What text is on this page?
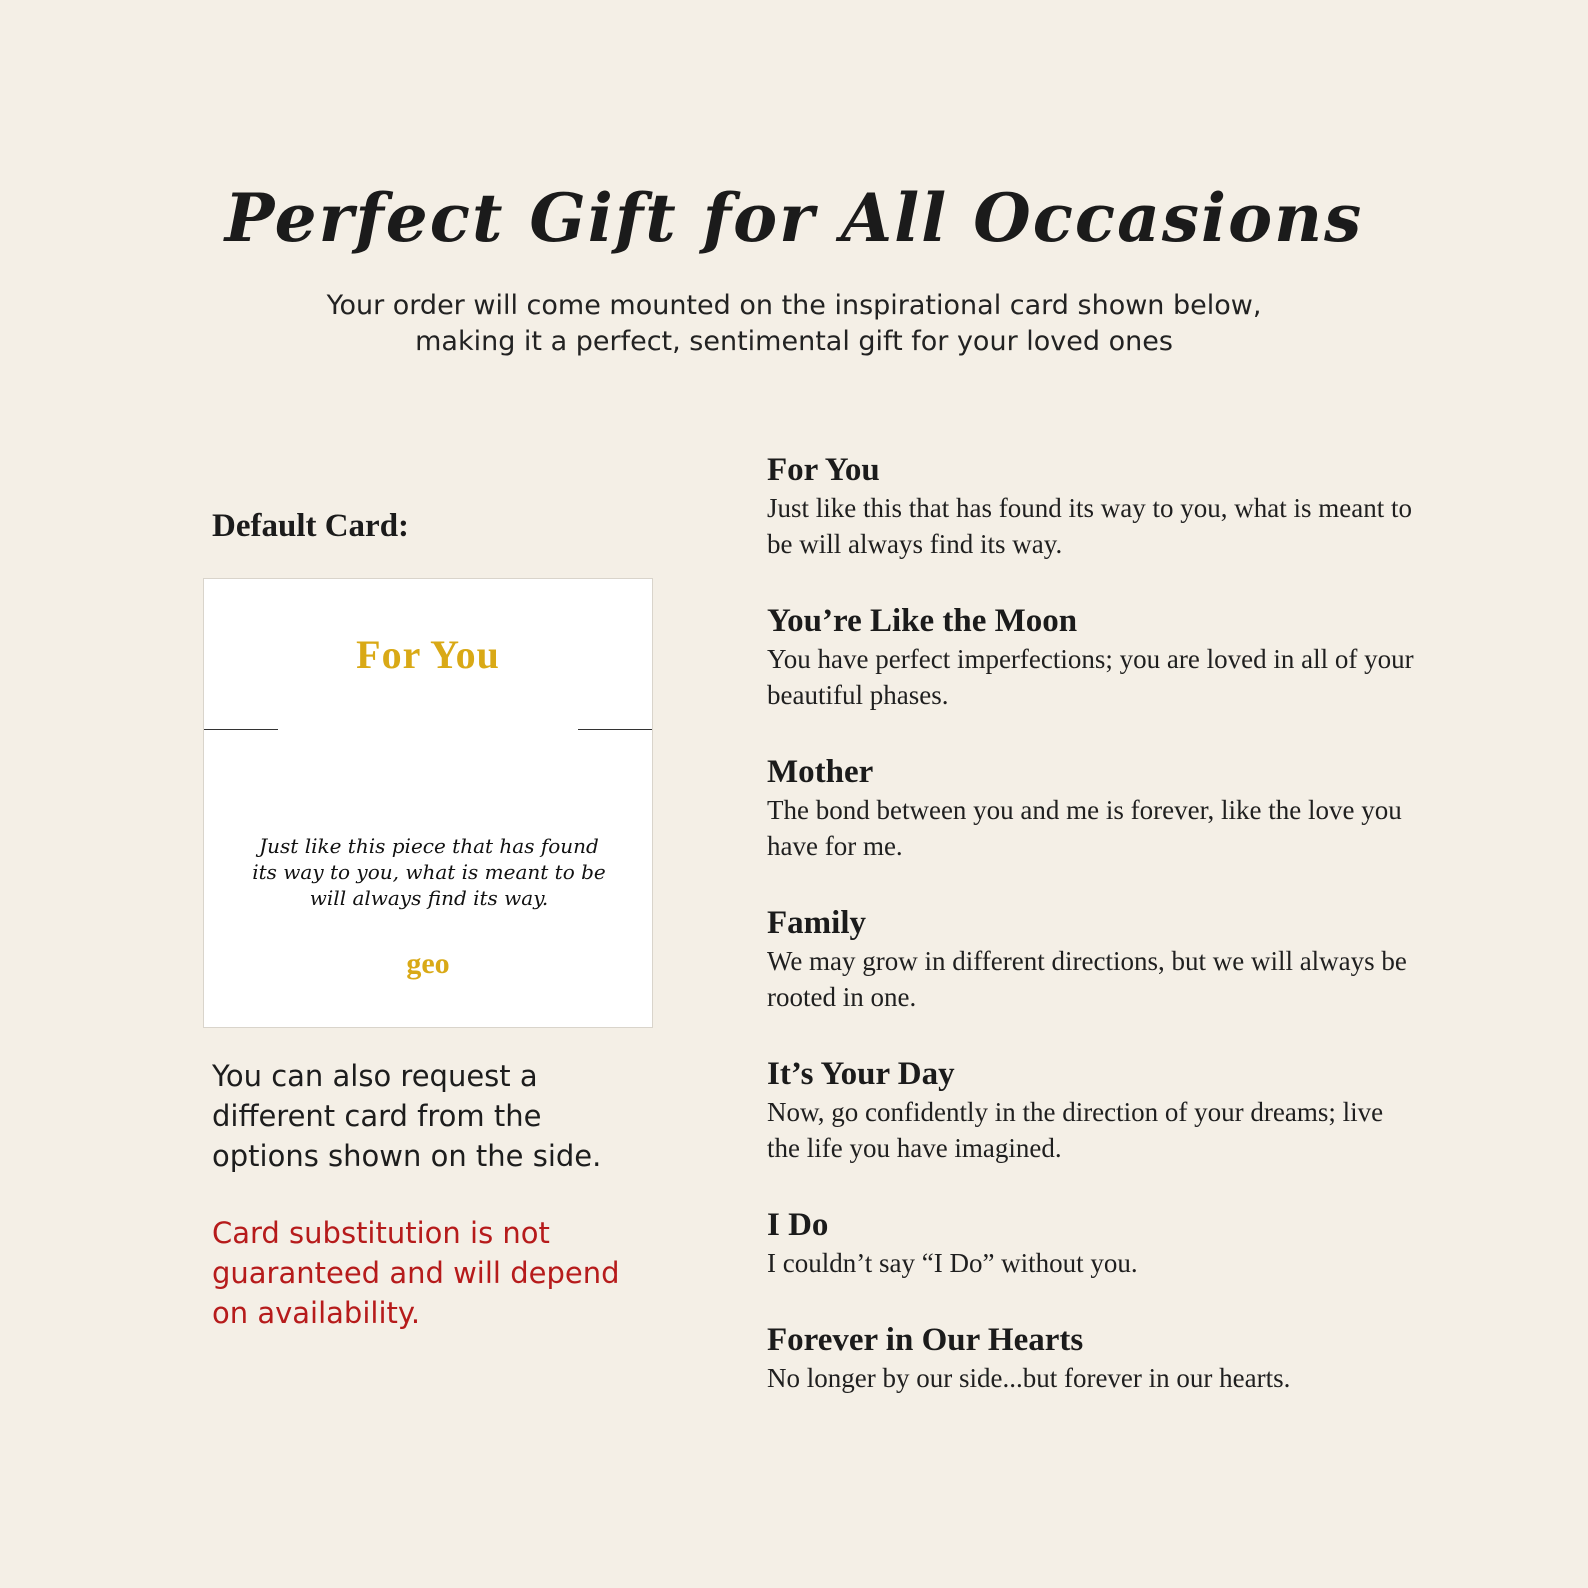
Perfect Gift for All Occasions
Your order will come mounted on the inspirational card shown below,
making it a perfect, sentimental gift for your loved ones
Default Card:
For You
Just like this piece that has found its way to you, what is meant to be will always find its way.
geo
You can also request a
different card from the
options shown on the side.
Card substitution is not
guaranteed and will depend
on availability.
For You

Just like this that has found its way to you, what is meant to be will always find its way.

You’re Like the Moon

You have perfect imperfections; you are loved in all of your beautiful phases.

Mother

The bond between you and me is forever, like the love you have for me.

Family

We may grow in different directions, but we will always be rooted in one.

It’s Your Day

Now, go confidently in the direction of your dreams; live the life you have imagined.

I Do

I couldn’t say “I Do” without you.

Forever in Our Hearts

No longer by our side...but forever in our hearts.
